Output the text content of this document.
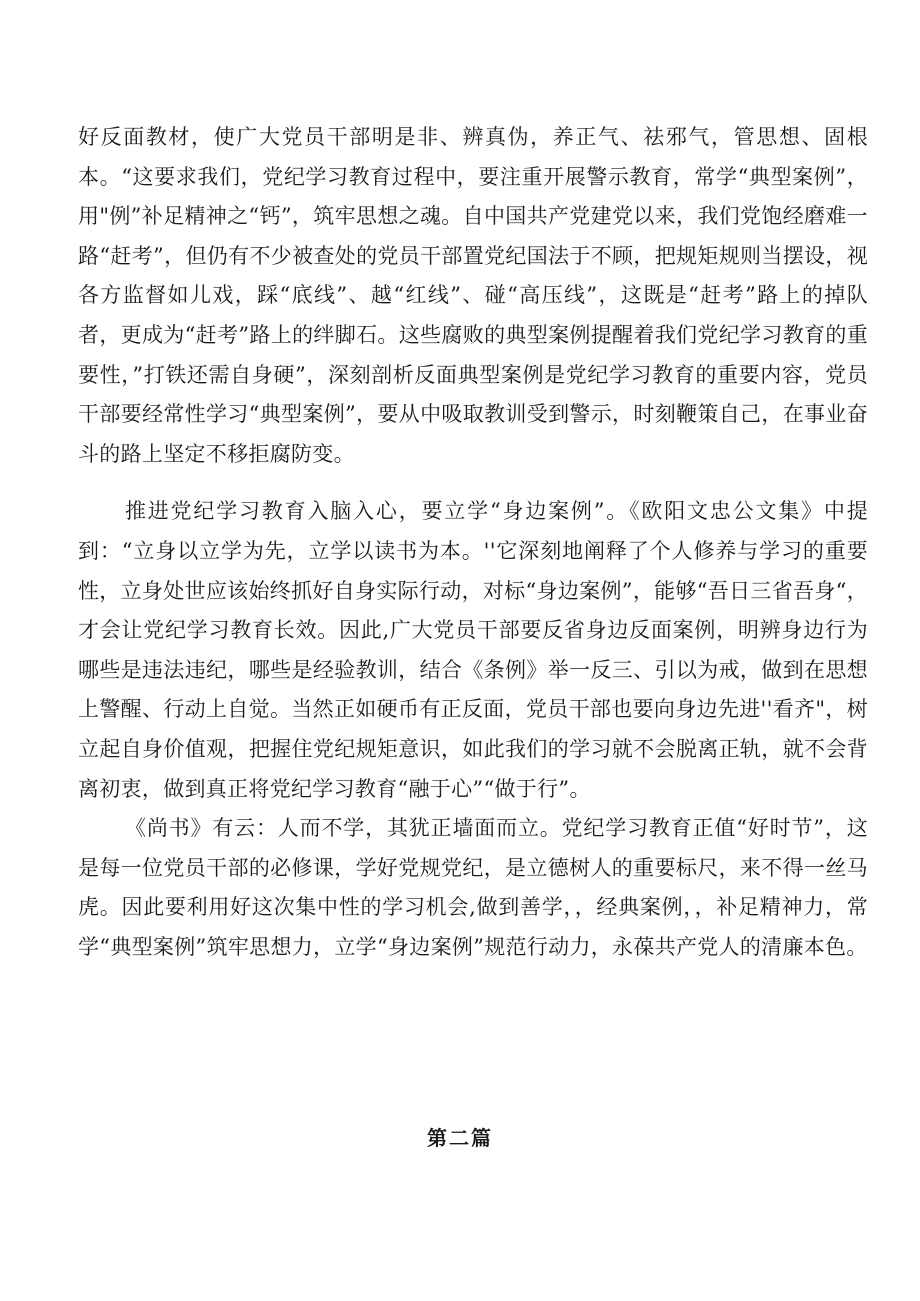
好反面教材，使广大党员干部明是非、辨真伪，养正气、祛邪气，管思想、固根本。“这要求我们，党纪学习教育过程中，要注重开展警示教育，常学“典型案例”，用"例”补足精神之“钙”，筑牢思想之魂。自中国共产党建党以来，我们党饱经磨难一路“赶考”，但仍有不少被查处的党员干部置党纪国法于不顾，把规矩规则当摆设，视各方监督如儿戏，踩“底线”、越“红线”、碰“高压线”，这既是“赶考”路上的掉队者，更成为“赶考”路上的绊脚石。这些腐败的典型案例提醒着我们党纪学习教育的重要性，”打铁还需自身硬”，深刻剖析反面典型案例是党纪学习教育的重要内容，党员干部要经常性学习“典型案例”，要从中吸取教训受到警示，时刻鞭策自己，在事业奋斗的路上坚定不移拒腐防变。

推进党纪学习教育入脑入心，要立学“身边案例”。《欧阳文忠公文集》中提到：“立身以立学为先，立学以读书为本。''它深刻地阐释了个人修养与学习的重要性，立身处世应该始终抓好自身实际行动，对标“身边案例”，能够“吾日三省吾身“，才会让党纪学习教育长效。因此,广大党员干部要反省身边反面案例，明辨身边行为哪些是违法违纪，哪些是经验教训，结合《条例》举一反三、引以为戒，做到在思想上警醒、行动上自觉。当然正如硬币有正反面，党员干部也要向身边先进''看齐"，树立起自身价值观，把握住党纪规矩意识，如此我们的学习就不会脱离正轨，就不会背离初衷，做到真正将党纪学习教育“融于心”“做于行”。

《尚书》有云：人而不学，其犹正墙面而立。党纪学习教育正值“好时节”，这是每一位党员干部的必修课，学好党规党纪，是立德树人的重要标尺，来不得一丝马虎。因此要利用好这次集中性的学习机会,做到善学，，经典案例，，补足精神力，常学“典型案例”筑牢思想力，立学“身边案例”规范行动力，永葆共产党人的清廉本色。

第二篇
